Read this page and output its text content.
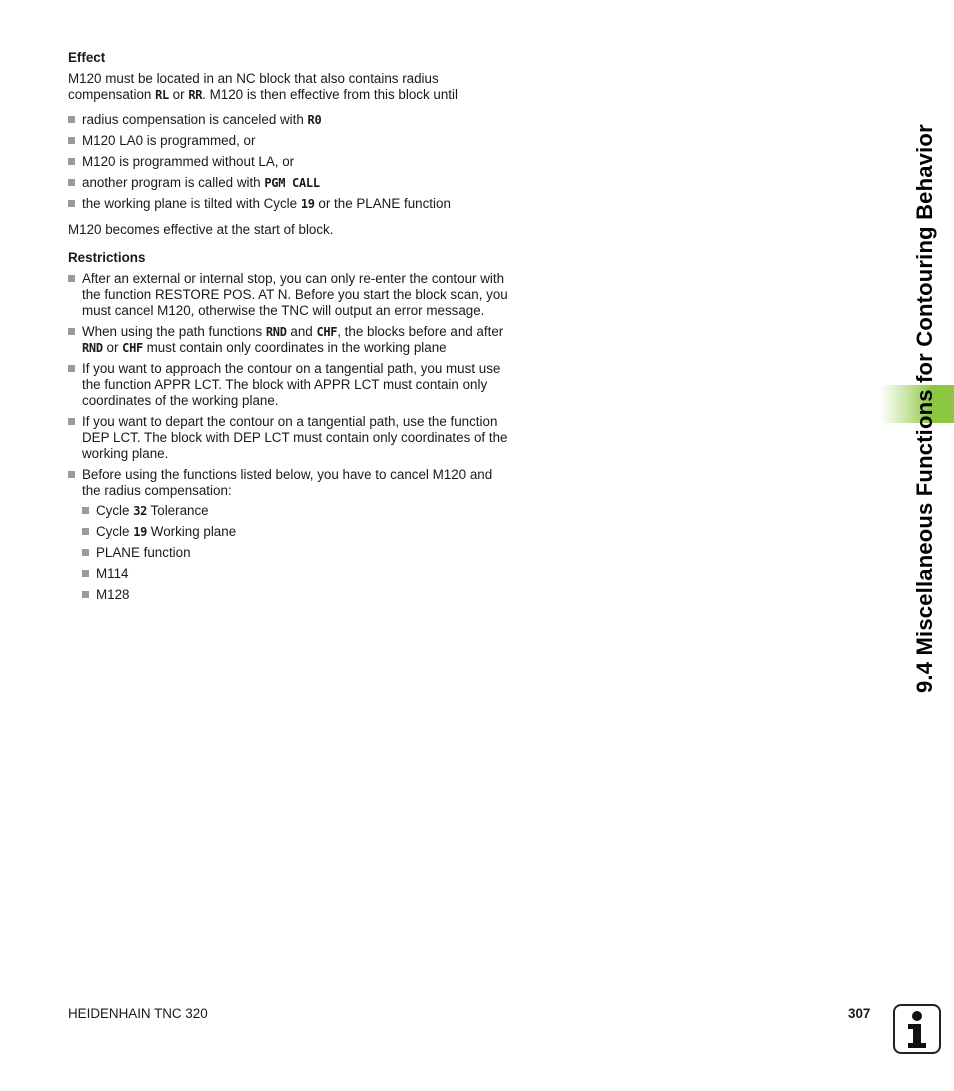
Effect
M120 must be located in an NC block that also contains radius compensation RL or RR. M120 is then effective from this block until
radius compensation is canceled with R0
M120 LA0 is programmed, or
M120 is programmed without LA, or
another program is called with PGM CALL
the working plane is tilted with Cycle 19 or the PLANE function
M120 becomes effective at the start of block.
Restrictions
After an external or internal stop, you can only re-enter the contour with the function RESTORE POS. AT N. Before you start the block scan, you must cancel M120, otherwise the TNC will output an error message.
When using the path functions RND and CHF, the blocks before and after RND or CHF must contain only coordinates in the working plane
If you want to approach the contour on a tangential path, you must use the function APPR LCT. The block with APPR LCT must contain only coordinates of the working plane.
If you want to depart the contour on a tangential path, use the function DEP LCT. The block with DEP LCT must contain only coordinates of the working plane.
Before using the functions listed below, you have to cancel M120 and the radius compensation:
Cycle 32 Tolerance
Cycle 19 Working plane
PLANE function
M114
M128	9.4 Miscellaneous Functions for Contouring Behavior
HEIDENHAIN TNC 320	307
